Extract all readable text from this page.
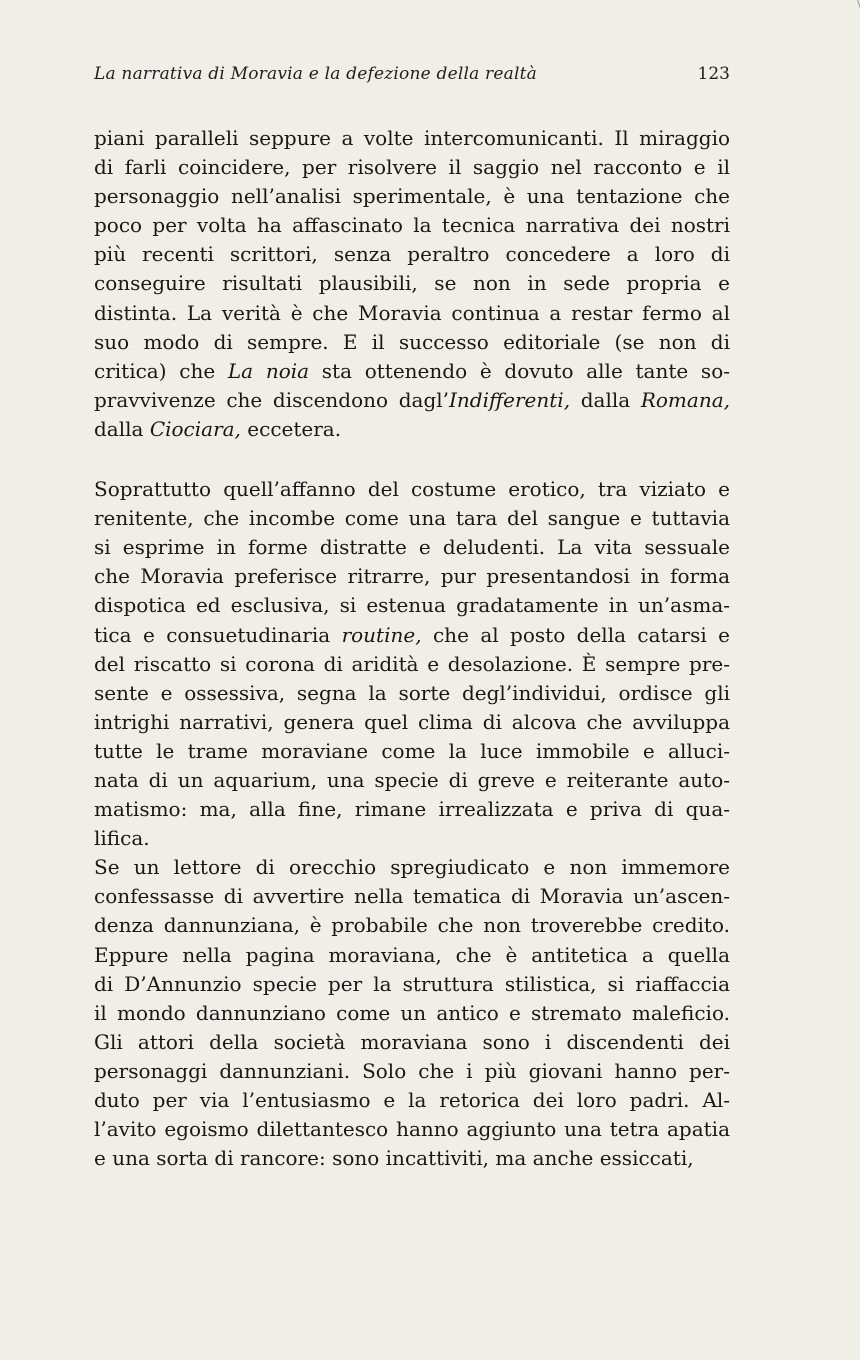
La narrativa di Moravia e la defezione della realtà	123
piani paralleli seppure a volte intercomunicanti. Il miraggio
di farli coincidere, per risolvere il saggio nel racconto e il
personaggio nell’analisi sperimentale, è una tentazione che
poco per volta ha affascinato la tecnica narrativa dei nostri
più recenti scrittori, senza peraltro concedere a loro di
conseguire risultati plausibili, se non in sede propria e
distinta. La verità è che Moravia continua a restar fermo al
suo modo di sempre. E il successo editoriale (se non di
critica) che La noia sta ottenendo è dovuto alle tante so-
pravvivenze che discendono dagl’Indifferenti, dalla Romana,
dalla Ciociara, eccetera.
Soprattutto quell’affanno del costume erotico, tra viziato e
renitente, che incombe come una tara del sangue e tuttavia
si esprime in forme distratte e deludenti. La vita sessuale
che Moravia preferisce ritrarre, pur presentandosi in forma
dispotica ed esclusiva, si estenua gradatamente in un’asma-
tica e consuetudinaria routine, che al posto della catarsi e
del riscatto si corona di aridità e desolazione. È sempre pre-
sente e ossessiva, segna la sorte degl’individui, ordisce gli
intrighi narrativi, genera quel clima di alcova che avviluppa
tutte le trame moraviane come la luce immobile e alluci-
nata di un aquarium, una specie di greve e reiterante auto-
matismo: ma, alla fine, rimane irrealizzata e priva di qua-
lifica.
Se un lettore di orecchio spregiudicato e non immemore
confessasse di avvertire nella tematica di Moravia un’ascen-
denza dannunziana, è probabile che non troverebbe credito.
Eppure nella pagina moraviana, che è antitetica a quella
di D’Annunzio specie per la struttura stilistica, si riaffaccia
il mondo dannunziano come un antico e stremato maleficio.
Gli attori della società moraviana sono i discendenti dei
personaggi dannunziani. Solo che i più giovani hanno per-
duto per via l’entusiasmo e la retorica dei loro padri. Al-
l’avito egoismo dilettantesco hanno aggiunto una tetra apatia
e una sorta di rancore: sono incattiviti, ma anche essiccati,
